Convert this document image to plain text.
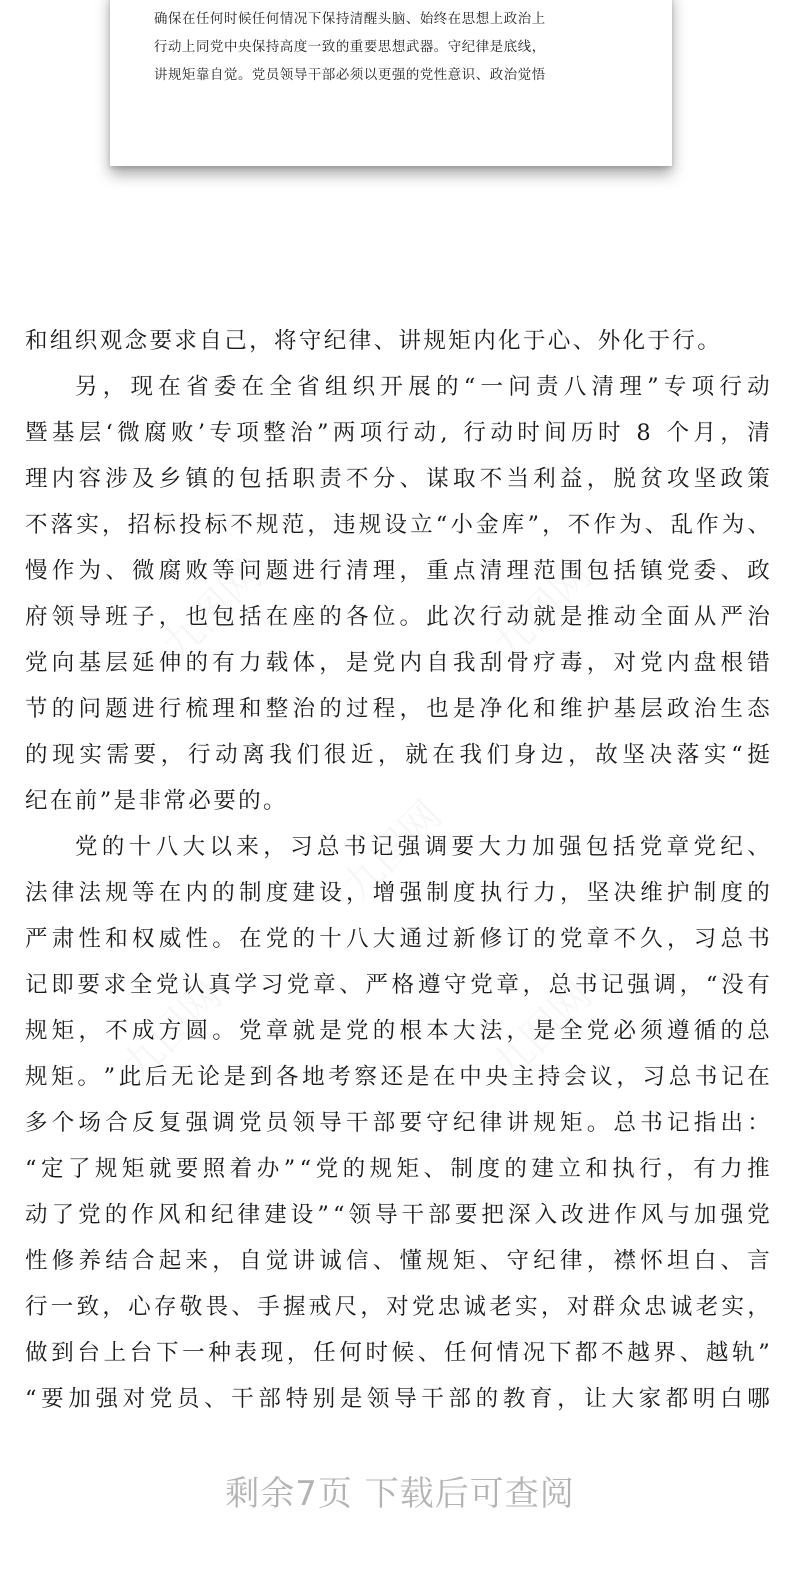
确保在任何时候任何情况下保持清醒头脑、始终在思想上政治上
行动上同党中央保持高度一致的重要思想武器。守纪律是底线，
讲规矩靠自觉。党员领导干部必须以更强的党性意识、政治觉悟
和组织观念要求自己，将守纪律、讲规矩内化于心、外化于行。
另 ， 现 在 省 委 在 全 省 组 织 开 展 的 “ 一 问 责 八 清 理 ” 专 项 行 动
暨 基 层 ‘ 微 腐 败 ’ 专 项 整 治 ” 两 项 行 动 ,
行 动 时 间 历 时
8
个 月 ， 清
理 内 容 涉 及 乡 镇 的 包 括 职 责 不 分 、 谋 取 不 当 利 益 ， 脱 贫 攻 坚 政 策
不 落 实 ， 招 标 投 标 不 规 范 ， 违 规 设 立 “ 小 金 库 ” ， 不 作 为 、 乱 作 为 、
慢 作 为 、 微 腐 败 等 问 题 进 行 清 理 ， 重 点 清 理 范 围 包 括 镇 党 委 、 政
府 领 导 班 子 ， 也 包 括 在 座 的 各 位 。 此 次 行 动 就 是 推 动 全 面 从 严 治
党 向 基 层 延 伸 的 有 力 载 体 ， 是 党 内 自 我 刮 骨 疗 毒 ， 对 党 内 盘 根 错
节 的 问 题 进 行 梳 理 和 整 治 的 过 程 ， 也 是 净 化 和 维 护 基 层 政 治 生 态
的 现 实 需 要 ， 行 动 离 我 们 很 近 ， 就 在 我 们 身 边 ， 故 坚 决 落 实 “ 挺
纪在前”是非常必要的。
党 的 十 八 大 以 来 ， 习 总 书 记 强 调 要 大 力 加 强 包 括 党 章 党 纪 、
法 律 法 规 等 在 内 的 制 度 建 设 ， 增 强 制 度 执 行 力 ， 坚 决 维 护 制 度 的
严 肃 性 和 权 威 性 。 在 党 的 十 八 大 通 过 新 修 订 的 党 章 不 久 ， 习 总 书
记 即 要 求 全 党 认 真 学 习 党 章 、 严 格 遵 守 党 章 ， 总 书 记 强 调 ， “ 没 有
规 矩 ， 不 成 方 圆 。 党 章 就 是 党 的 根 本 大 法 ， 是 全 党 必 须 遵 循 的 总
规 矩 。 ” 此 后 无 论 是 到 各 地 考 察 还 是 在 中 央 主 持 会 议 ， 习 总 书 记 在
多 个 场 合 反 复 强 调 党 员 领 导 干 部 要 守 纪 律 讲 规 矩 。 总 书 记 指 出 ：
“ 定 了 规 矩 就 要 照 着 办 ” “ 党 的 规 矩 、 制 度 的 建 立 和 执 行 ， 有 力 推
动 了 党 的 作 风 和 纪 律 建 设 ” “ 领 导 干 部 要 把 深 入 改 进 作 风 与 加 强 党
性 修 养 结 合 起 来 ， 自 觉 讲 诚 信 、 懂 规 矩 、 守 纪 律 ， 襟 怀 坦 白 、 言
行 一 致 ， 心 存 敬 畏 、 手 握 戒 尺 ， 对 党 忠 诚 老 实 ， 对 群 众 忠 诚 老 实 ，
做 到 台 上 台 下 一 种 表 现 ， 任 何 时 候 、 任 何 情 况 下 都 不 越 界 、 越 轨 ”
“ 要 加 强 对 党 员 、 干 部 特 别 是 领 导 干 部 的 教 育 ， 让 大 家 都 明 白 哪
剩余7页 下载后可查阅
